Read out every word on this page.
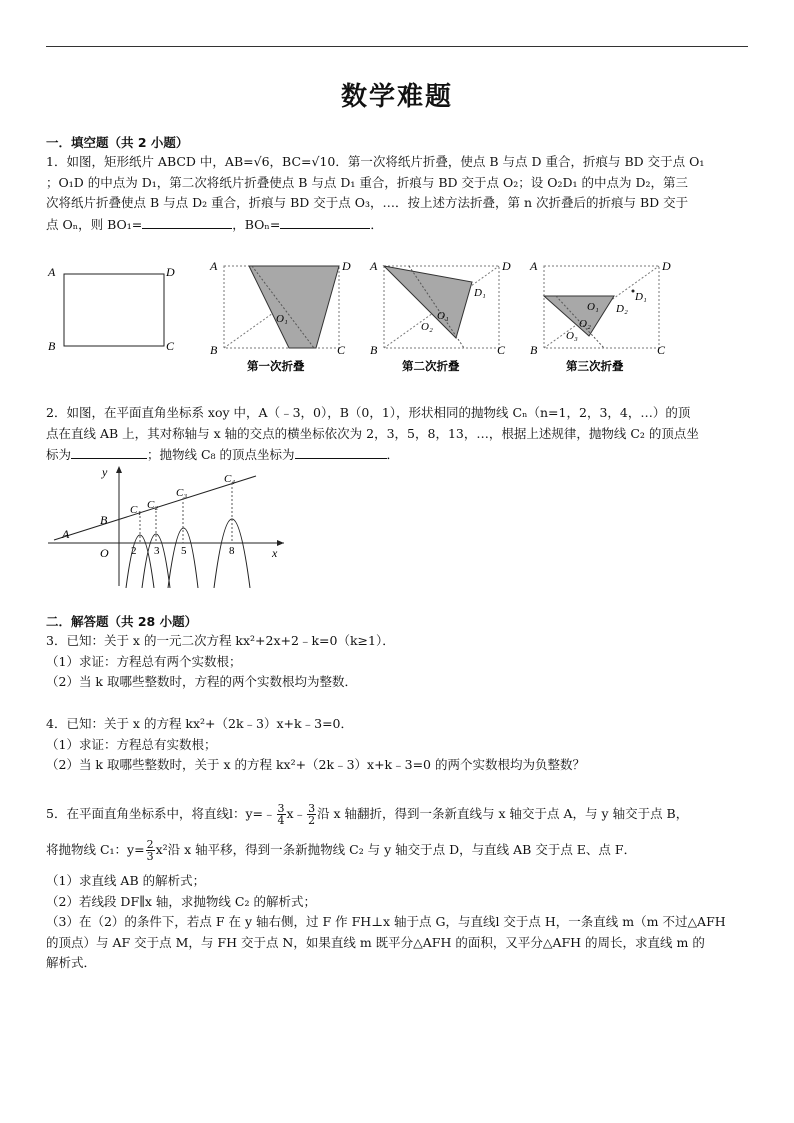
数学难题
一．填空题（共 2 小题）
1．如图，矩形纸片 ABCD 中，AB=√6，BC=√10．第一次将纸片折叠，使点 B 与点 D 重合，折痕与 BD 交于点 O₁
；O₁D 的中点为 D₁，第二次将纸片折叠使点 B 与点 D₁ 重合，折痕与 BD 交于点 O₂；设 O₂D₁ 的中点为 D₂，第三
次将纸片折叠使点 B 与点 D₂ 重合，折痕与 BD 交于点 O₃，…．按上述方法折叠，第 n 次折叠后的折痕与 BD 交于
点 Oₙ，则 BO₁=	，BOₙ=	．
A	D
B	C
A	D
B	C
O₁
第一次折叠
A	D
B	C
D₁
O₁
O₂
第二次折叠
A	D
B	C
D₁
D₂
O₁
O₂
O₃
第三次折叠
2．如图，在平面直角坐标系 xoy 中，A（﹣3，0），B（0，1），形状相同的抛物线 Cₙ（n=1，2，3，4，…）的顶
点在直线 AB 上，其对称轴与 x 轴的交点的横坐标依次为 2，3，5，8，13，…，根据上述规律，抛物线 C₂ 的顶点坐
标为	；抛物线 C₈ 的顶点坐标为	．
y
x
O
A
B
C₁ C₂
C₃
C₄
2 3 5	8
二．解答题（共 28 小题）
3．已知：关于 x 的一元二次方程 kx²+2x+2﹣k=0（k≥1）．
（1）求证：方程总有两个实数根；
（2）当 k 取哪些整数时，方程的两个实数根均为整数．
4．已知：关于 x 的方程 kx²+（2k﹣3）x+k﹣3=0．
（1）求证：方程总有实数根；
（2）当 k 取哪些整数时，关于 x 的方程 kx²+（2k﹣3）x+k﹣3=0 的两个实数根均为负整数？
5．在平面直角坐标系中，将直线l：y=﹣ $\frac{3}{4}$ x﹣ $\frac{3}{2}$ 沿 x 轴翻折，得到一条新直线与 x 轴交于点 A，与 y 轴交于点 B，
将抛物线 C₁：$y= \frac{2}{3} x^2$沿 x 轴平移，得到一条新抛物线 C₂ 与 y 轴交于点 D，与直线 AB 交于点 E、点 F．
（1）求直线 AB 的解析式；
（2）若线段 DF∥x 轴，求抛物线 C₂ 的解析式；
（3）在（2）的条件下，若点 F 在 y 轴右侧，过 F 作 FH⊥x 轴于点 G，与直线l 交于点 H，一条直线 m（m 不过△AFH
的顶点）与 AF 交于点 M，与 FH 交于点 N，如果直线 m 既平分△AFH 的面积，又平分△AFH 的周长，求直线 m 的
解析式．
